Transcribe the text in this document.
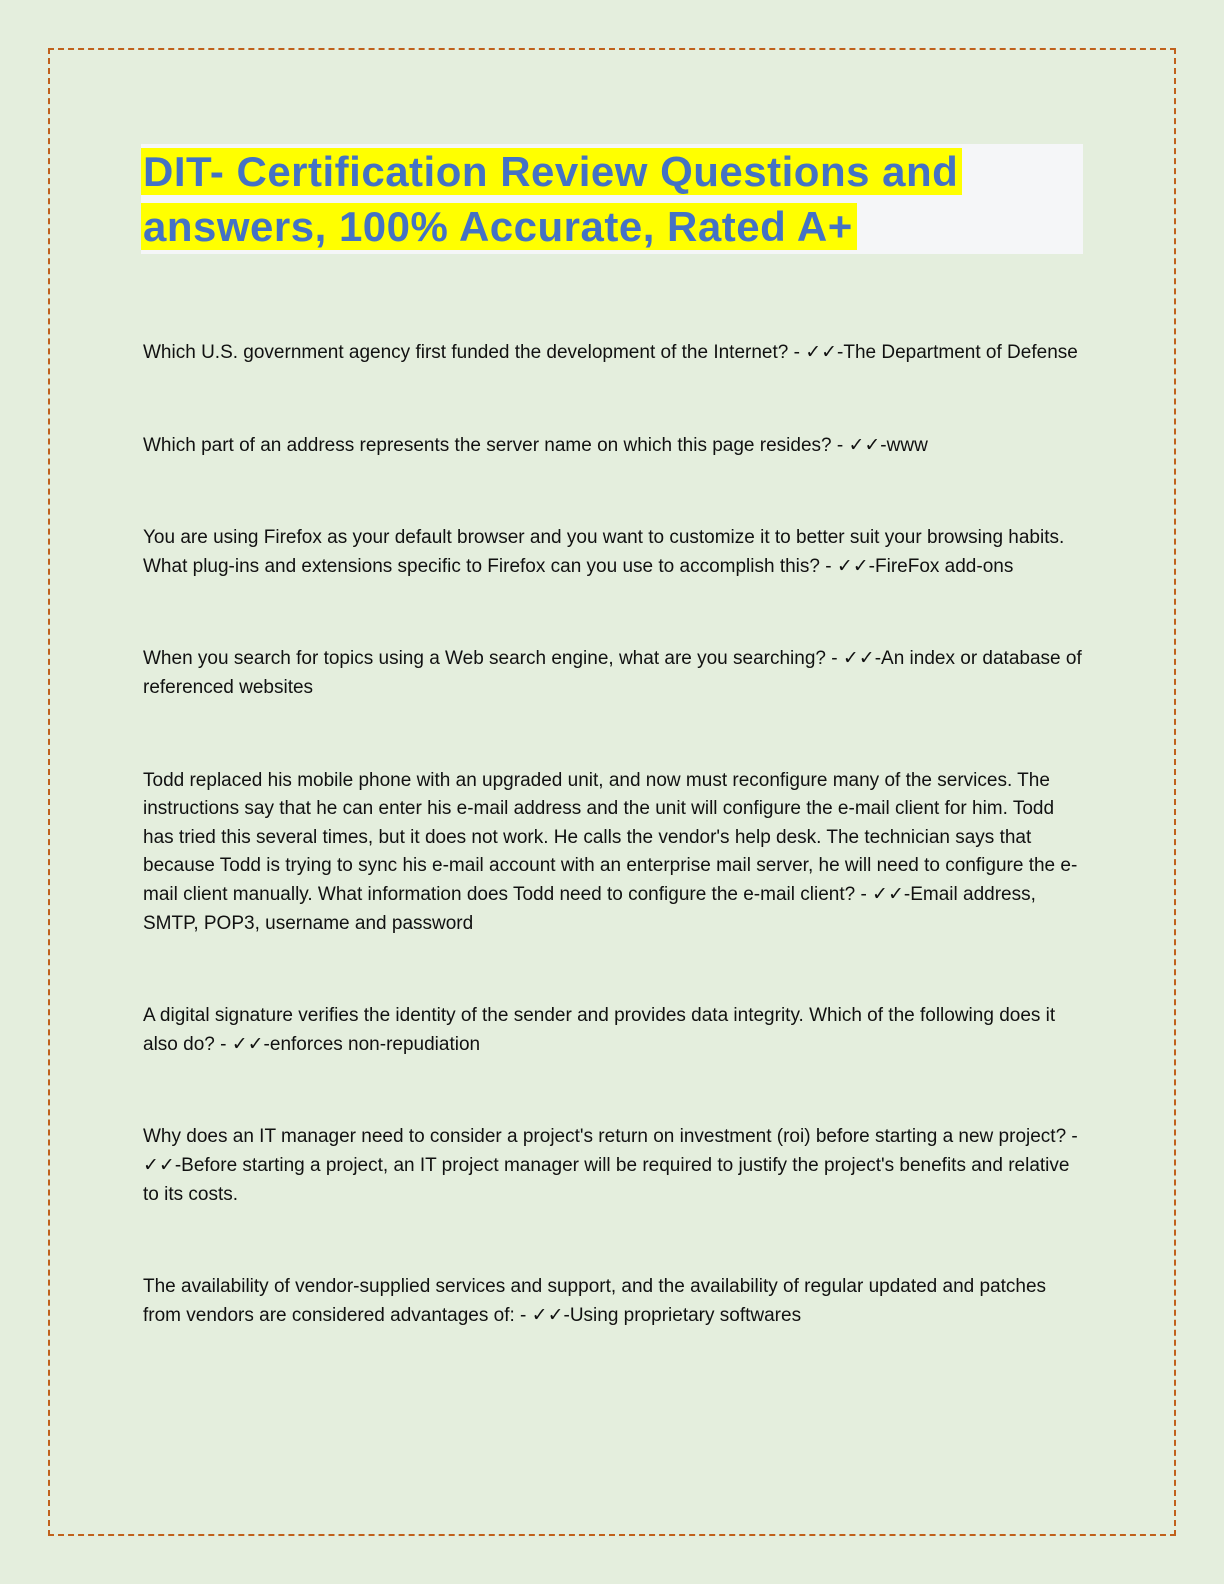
DIT- Certification Review Questions and
answers, 100% Accurate, Rated A+

Which U.S. government agency first funded the development of the Internet? - ✓✓-The Department of Defense

Which part of an address represents the server name on which this page resides? - ✓✓-www

You are using Firefox as your default browser and you want to customize it to better suit your browsing habits. What plug-ins and extensions specific to Firefox can you use to accomplish this? - ✓✓-FireFox add-ons

When you search for topics using a Web search engine, what are you searching? - ✓✓-An index or database of referenced websites

Todd replaced his mobile phone with an upgraded unit, and now must reconfigure many of the services. The instructions say that he can enter his e-mail address and the unit will configure the e-mail client for him. Todd has tried this several times, but it does not work. He calls the vendor's help desk. The technician says that because Todd is trying to sync his e-mail account with an enterprise mail server, he will need to configure the e-mail client manually. What information does Todd need to configure the e-mail client? - ✓✓-Email address, SMTP, POP3, username and password

A digital signature verifies the identity of the sender and provides data integrity. Which of the following does it also do? - ✓✓-enforces non-repudiation

Why does an IT manager need to consider a project's return on investment (roi) before starting a new project? - ✓✓-Before starting a project, an IT project manager will be required to justify the project's benefits and relative to its costs.

The availability of vendor-supplied services and support, and the availability of regular updated and patches from vendors are considered advantages of: - ✓✓-Using proprietary softwares
